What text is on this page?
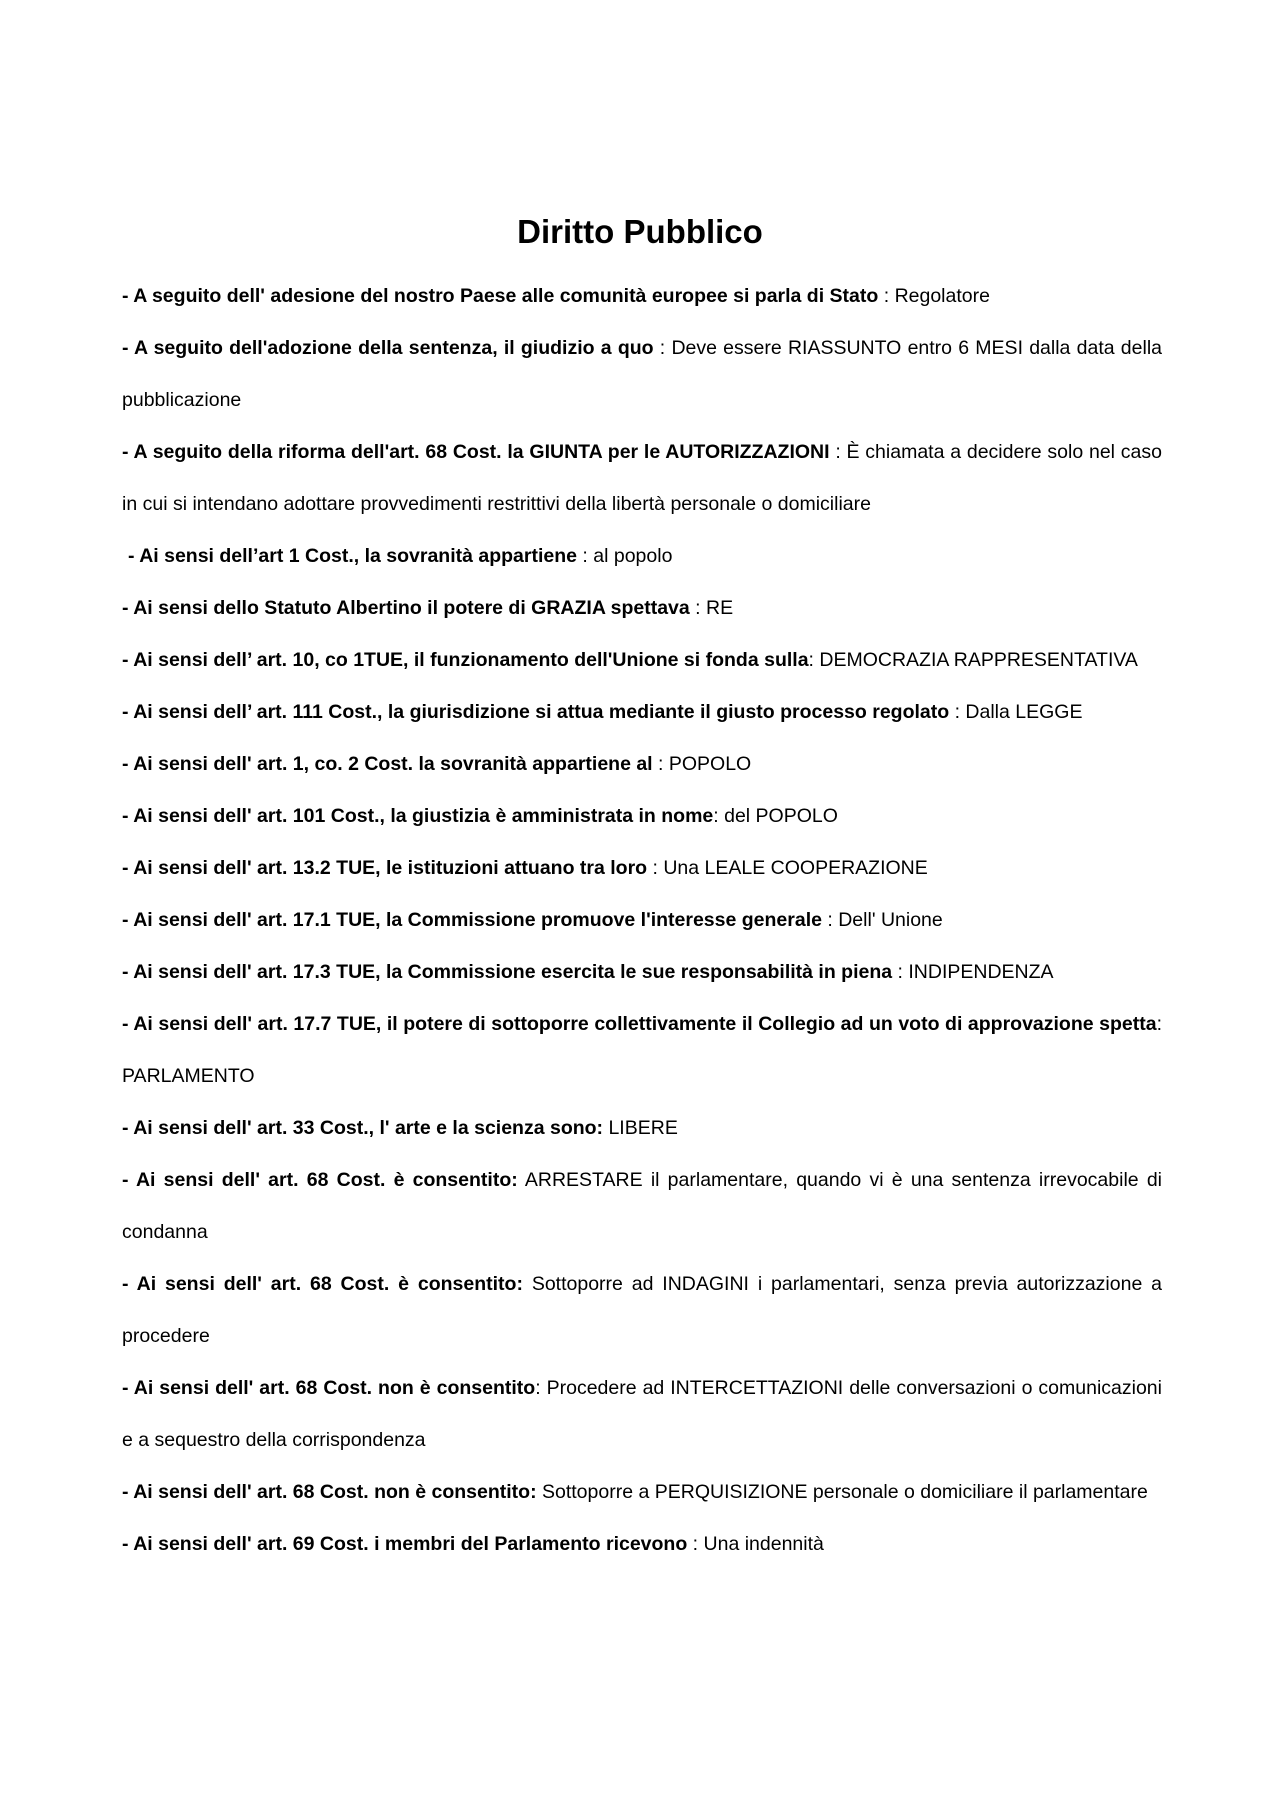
Diritto Pubblico

- A seguito dell' adesione del nostro Paese alle comunità europee si parla di Stato : Regolatore

- A seguito dell'adozione della sentenza, il giudizio a quo : Deve essere RIASSUNTO entro 6 MESI dalla data della pubblicazione

- A seguito della riforma dell'art. 68 Cost. la GIUNTA per le AUTORIZZAZIONI : È chiamata a decidere solo nel caso in cui si intendano adottare provvedimenti restrittivi della libertà personale o domiciliare

- Ai sensi dell’art 1 Cost., la sovranità appartiene : al popolo

- Ai sensi dello Statuto Albertino il potere di GRAZIA spettava : RE

- Ai sensi dell’ art. 10, co 1TUE, il funzionamento dell'Unione si fonda sulla: DEMOCRAZIA RAPPRESENTATIVA

- Ai sensi dell’ art. 111 Cost., la giurisdizione si attua mediante il giusto processo regolato : Dalla LEGGE

- Ai sensi dell' art. 1, co. 2 Cost. la sovranità appartiene al : POPOLO

- Ai sensi dell' art. 101 Cost., la giustizia è amministrata in nome: del POPOLO

- Ai sensi dell' art. 13.2 TUE, le istituzioni attuano tra loro : Una LEALE COOPERAZIONE

- Ai sensi dell' art. 17.1 TUE, la Commissione promuove l'interesse generale : Dell' Unione

- Ai sensi dell' art. 17.3 TUE, la Commissione esercita le sue responsabilità in piena : INDIPENDENZA

- Ai sensi dell' art. 17.7 TUE, il potere di sottoporre collettivamente il Collegio ad un voto di approvazione spetta: PARLAMENTO

- Ai sensi dell' art. 33 Cost., l' arte e la scienza sono: LIBERE

- Ai sensi dell' art. 68 Cost. è consentito: ARRESTARE il parlamentare, quando vi è una sentenza irrevocabile di condanna

- Ai sensi dell' art. 68 Cost. è consentito: Sottoporre ad INDAGINI i parlamentari, senza previa autorizzazione a procedere

- Ai sensi dell' art. 68 Cost. non è consentito: Procedere ad INTERCETTAZIONI delle conversazioni o comunicazioni e a sequestro della corrispondenza

- Ai sensi dell' art. 68 Cost. non è consentito: Sottoporre a PERQUISIZIONE personale o domiciliare il parlamentare

- Ai sensi dell' art. 69 Cost. i membri del Parlamento ricevono : Una indennità
